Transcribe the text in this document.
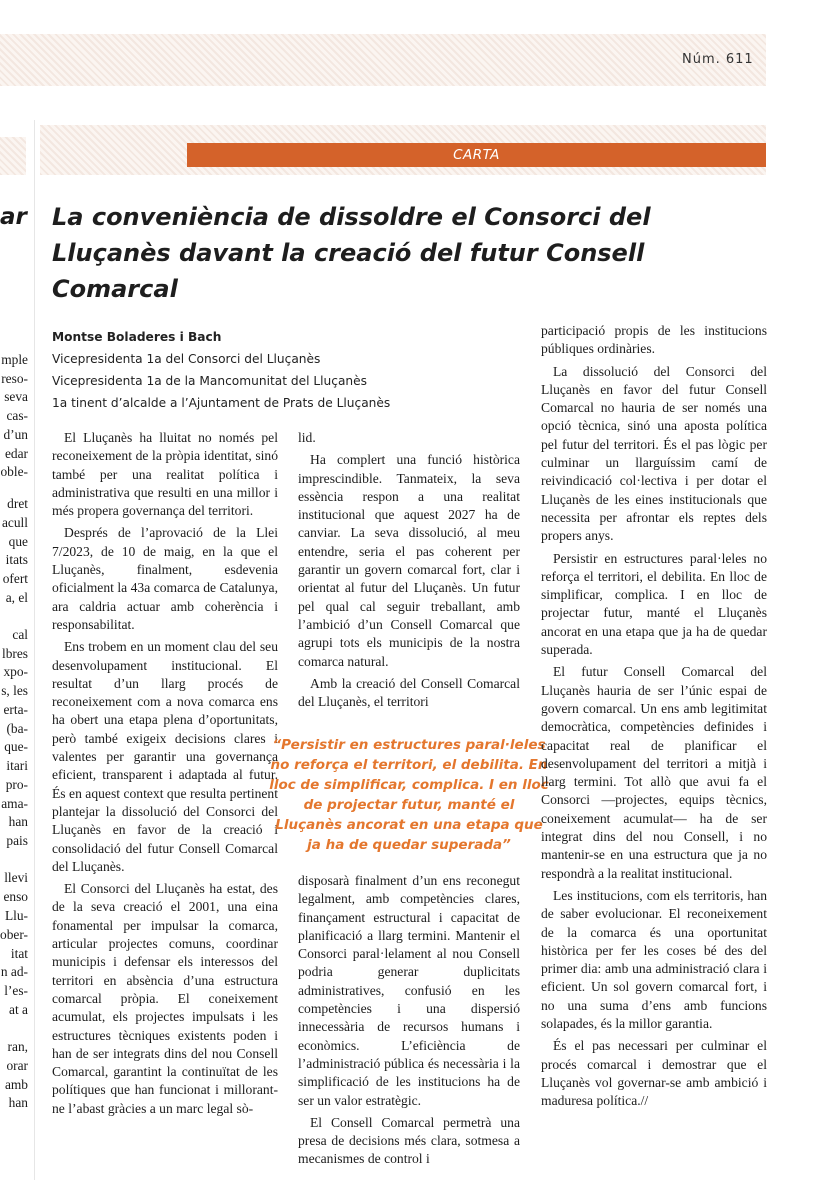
Núm. 611
ar
mple
reso-
seva
cas-
d’un
edar
oble-
dret
acull
que
itats
ofert
a, el
cal
lbres
xpo-
s, les
erta-
(ba-
que-
itari
pro-
ama-
han
pais
llevi
enso
Llu-
ober-
itat
n ad-
l’es-
at a
ran,
orar
amb
han
CARTA
La conveniència de dissoldre el Consorci del Lluçanès davant la creació del futur Consell Comarcal
Montse Boladeres i Bach
Vicepresidenta 1a del Consorci del Lluçanès
Vicepresidenta 1a de la Mancomunitat del Lluçanès
1a tinent d’alcalde a l’Ajuntament de Prats de Lluçanès

El Lluçanès ha lluitat no només pel reconeixement de la pròpia identitat, sinó també per una realitat política i administrativa que resulti en una millor i més propera governança del territori.

Després de l’aprovació de la Llei 7/2023, de 10 de maig, en la que el Lluçanès, finalment, esdevenia oficialment la 43a comarca de Catalunya, ara caldria actuar amb coherència i responsabilitat.

Ens trobem en un moment clau del seu desenvolupament institucional. El resultat d’un llarg procés de reconeixement com a nova comarca ens ha obert una etapa plena d’oportunitats, però també exigeix decisions clares i valentes per garantir una governança eficient, transparent i adaptada al futur. És en aquest context que resulta pertinent plantejar la dissolució del Consorci del Lluçanès en favor de la creació i consolidació del futur Consell Comarcal del Lluçanès.

El Consorci del Lluçanès ha estat, des de la seva creació el 2001, una eina fonamental per impulsar la comarca, articular projectes comuns, coordinar municipis i defensar els interessos del territori en absència d’una estructura comarcal pròpia. El coneixement acumulat, els projectes impulsats i les estructures tècniques existents poden i han de ser integrats dins del nou Consell Comarcal, garantint la continuïtat de les polítiques que han funcionat i millorant-ne l’abast gràcies a un marc legal sò-

lid.

Ha complert una funció històrica imprescindible. Tanmateix, la seva essència respon a una realitat institucional que aquest 2027 ha de canviar. La seva dissolució, al meu entendre, seria el pas coherent per garantir un govern comarcal fort, clar i orientat al futur del Lluçanès. Un futur pel qual cal seguir treballant, amb l’ambició d’un Consell Comarcal que agrupi tots els municipis de la nostra comarca natural.

Amb la creació del Consell Comarcal del Lluçanès, el territori

“Persistir en estructures paral·leles no reforça el territori, el debilita. En lloc de simplificar, complica. I en lloc de projectar futur, manté el Lluçanès ancorat en una etapa que ja ha de quedar superada”

disposarà finalment d’un ens reconegut legalment, amb competències clares, finançament estructural i capacitat de planificació a llarg termini. Mantenir el Consorci paral·lelament al nou Consell podria generar duplicitats administratives, confusió en les competències i una dispersió innecessària de recursos humans i econòmics. L’eficiència de l’administració pública és necessària i la simplificació de les institucions ha de ser un valor estratègic.

El Consell Comarcal permetrà una presa de decisions més clara, sotmesa a mecanismes de control i

participació propis de les institucions públiques ordinàries.

La dissolució del Consorci del Lluçanès en favor del futur Consell Comarcal no hauria de ser només una opció tècnica, sinó una aposta política pel futur del territori. És el pas lògic per culminar un llarguíssim camí de reivindicació col·lectiva i per dotar el Lluçanès de les eines institucionals que necessita per afrontar els reptes dels propers anys.

Persistir en estructures paral·leles no reforça el territori, el debilita. En lloc de simplificar, complica. I en lloc de projectar futur, manté el Lluçanès ancorat en una etapa que ja ha de quedar superada.

El futur Consell Comarcal del Lluçanès hauria de ser l’únic espai de govern comarcal. Un ens amb legitimitat democràtica, competències definides i capacitat real de planificar el desenvolupament del territori a mitjà i llarg termini. Tot allò que avui fa el Consorci —projectes, equips tècnics, coneixement acumulat— ha de ser integrat dins del nou Consell, i no mantenir-se en una estructura que ja no respondrà a la realitat institucional.

Les institucions, com els territoris, han de saber evolucionar. El reconeixement de la comarca és una oportunitat històrica per fer les coses bé des del primer dia: amb una administració clara i eficient. Un sol govern comarcal fort, i no una suma d’ens amb funcions solapades, és la millor garantia.

És el pas necessari per culminar el procés comarcal i demostrar que el Lluçanès vol governar-se amb ambició i maduresa política.//
